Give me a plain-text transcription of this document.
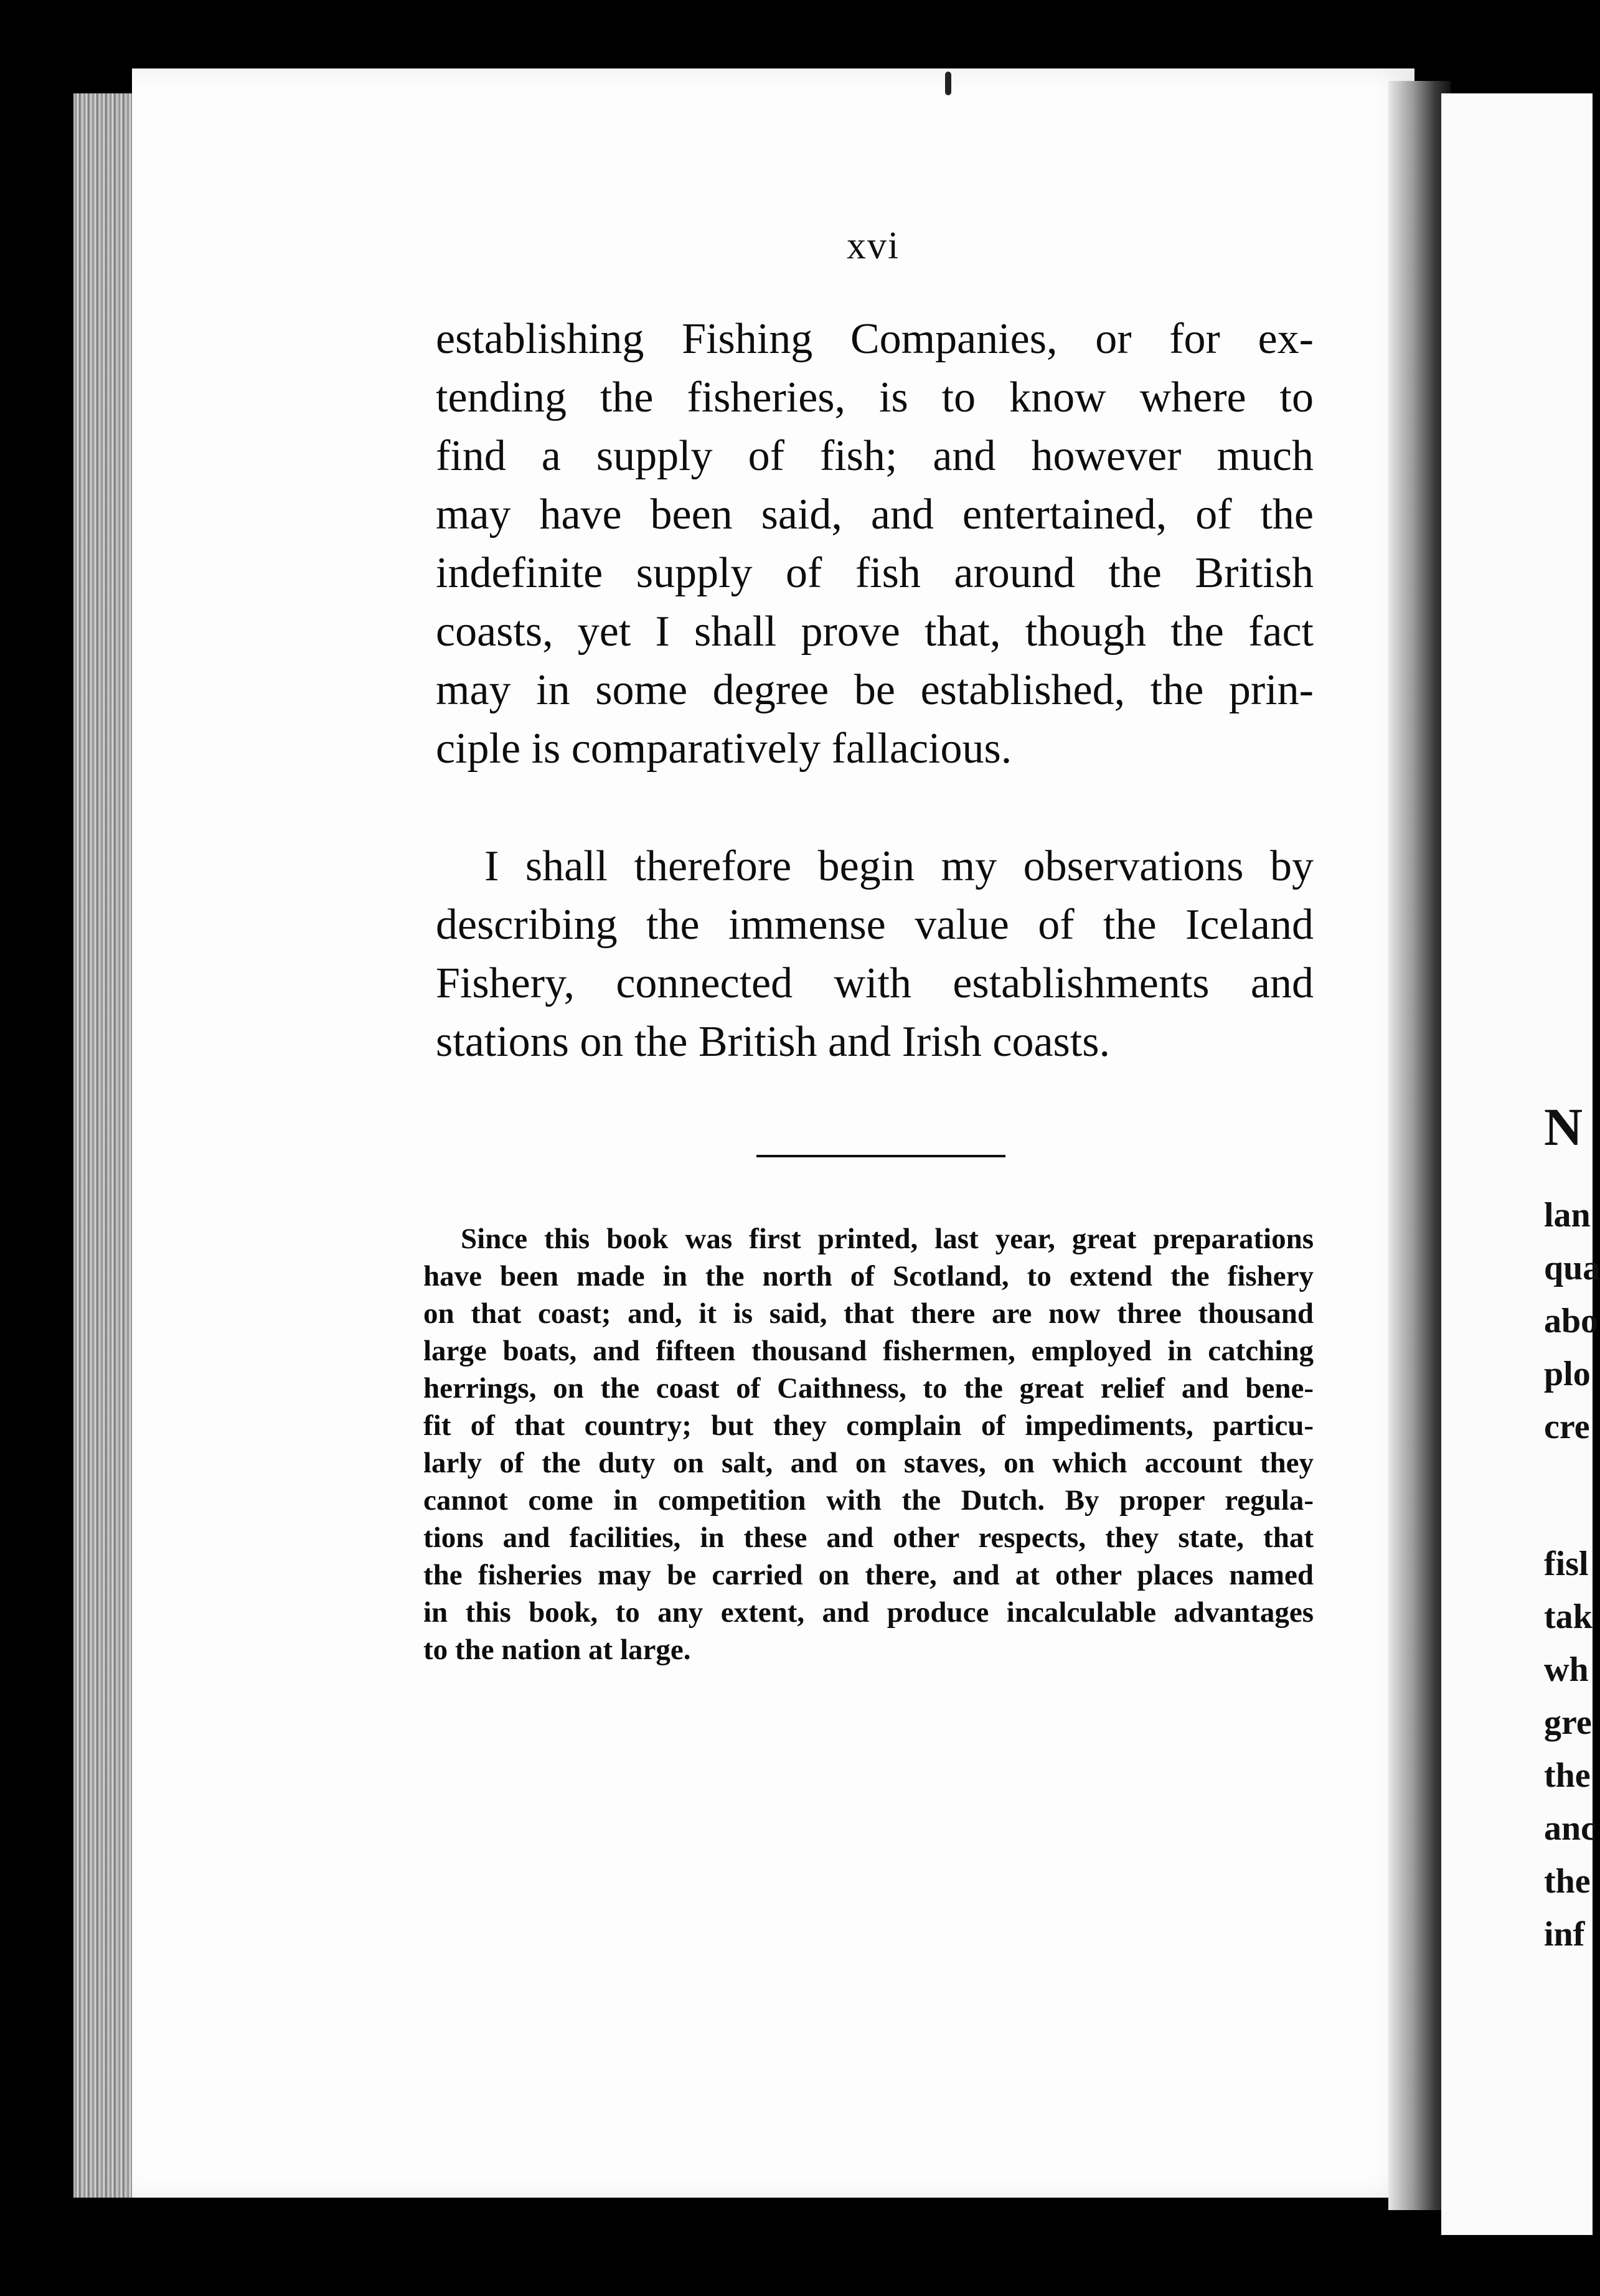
N
lan
qua
abo
plo
cre
fisl
tak
wh
gre
the
anc
the
inf
xvi
establishing Fishing Companies, or for ex-
tending the fisheries, is to know where to
find a supply of fish; and however much
may have been said, and entertained, of the
indefinite supply of fish around the British
coasts, yet I shall prove that, though the fact
may in some degree be established, the prin-
ciple is comparatively fallacious.
I shall therefore begin my observations by
describing the immense value of the Iceland
Fishery, connected with establishments and
stations on the British and Irish coasts.
Since this book was first printed, last year, great preparations
have been made in the north of Scotland, to extend the fishery
on that coast; and, it is said, that there are now three thousand
large boats, and fifteen thousand fishermen, employed in catching
herrings, on the coast of Caithness, to the great relief and bene-
fit of that country; but they complain of impediments, particu-
larly of the duty on salt, and on staves, on which account they
cannot come in competition with the Dutch. By proper regula-
tions and facilities, in these and other respects, they state, that
the fisheries may be carried on there, and at other places named
in this book, to any extent, and produce incalculable advantages
to the nation at large.
